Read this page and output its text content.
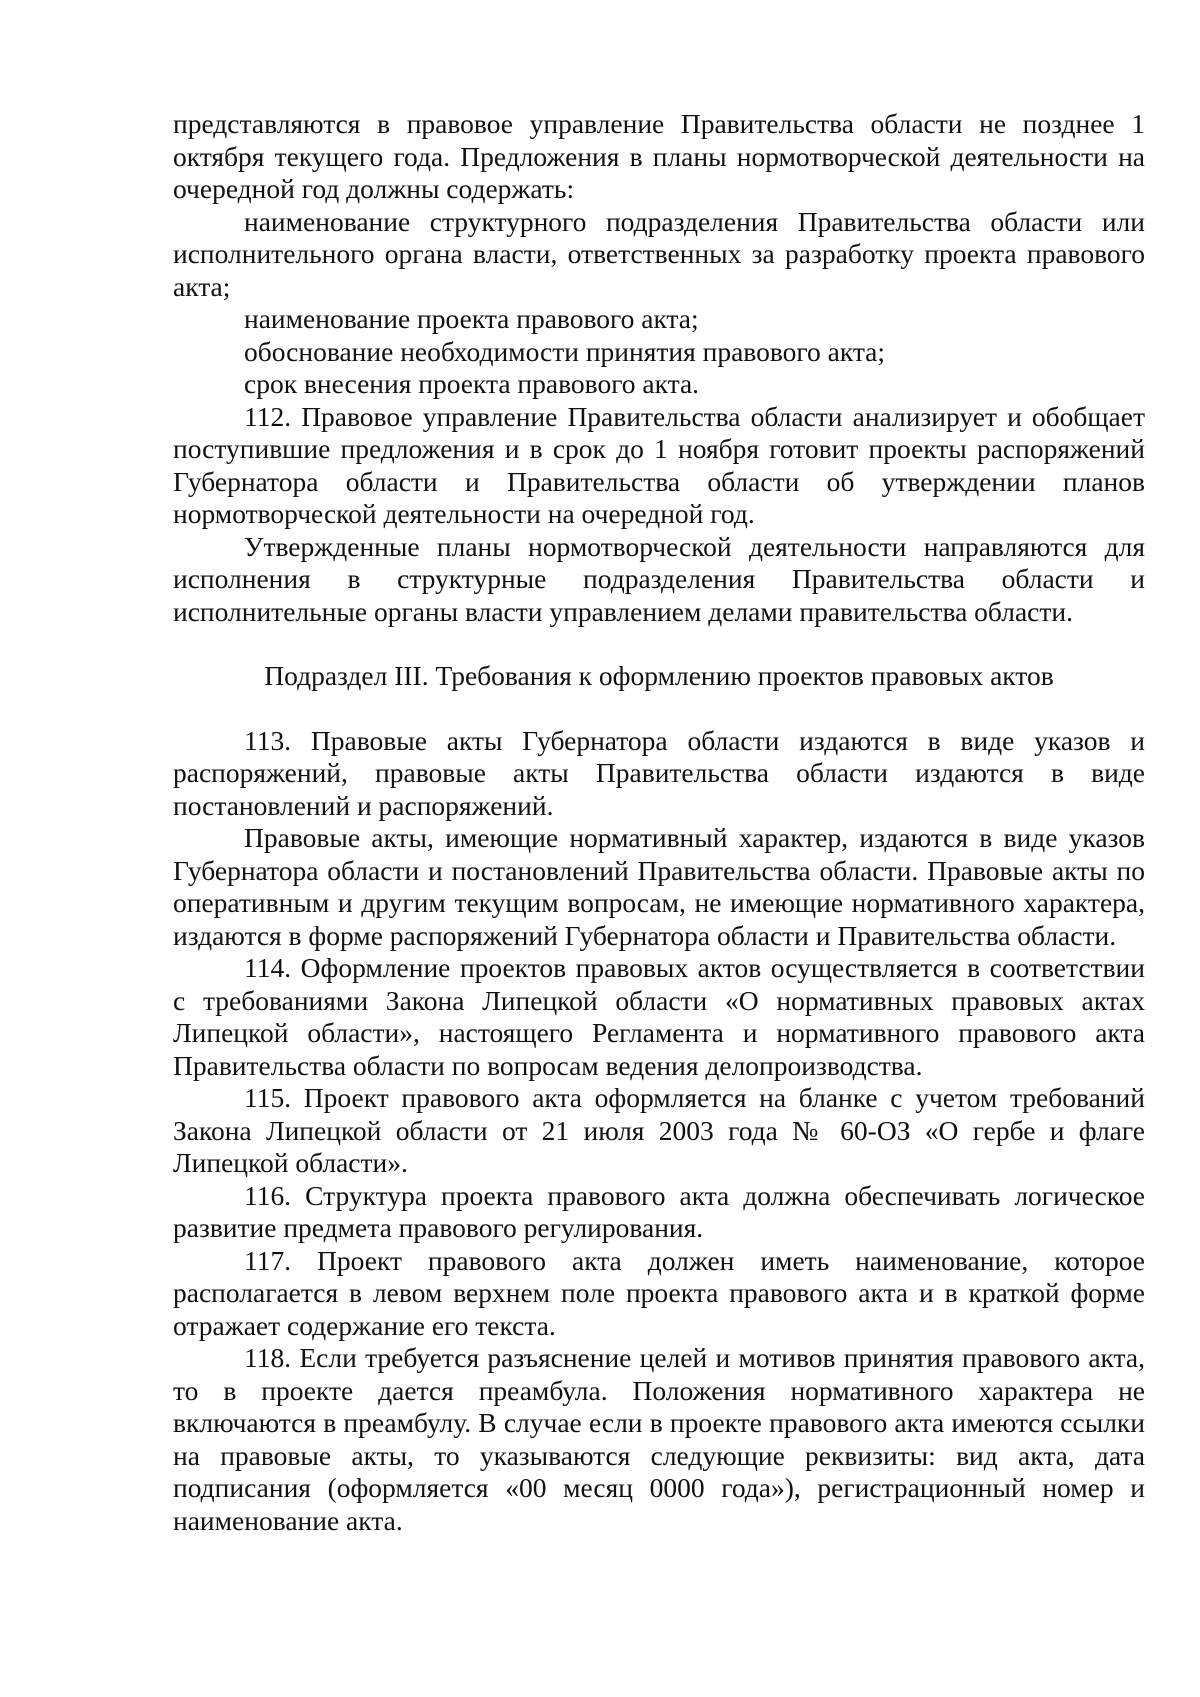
представляются в правовое управление Правительства области не позднее 1 октября текущего года. Предложения в планы нормотворческой деятельности на очередной год должны содержать:

наименование структурного подразделения Правительства области или исполнительного органа власти, ответственных за разработку проекта правового акта;

наименование проекта правового акта;

обоснование необходимости принятия правового акта;

срок внесения проекта правового акта.

112. Правовое управление Правительства области анализирует и обобщает поступившие предложения и в срок до 1 ноября готовит проекты распоряжений Губернатора области и Правительства области об утверждении планов нормотворческой деятельности на очередной год.

Утвержденные планы нормотворческой деятельности направляются для исполнения в структурные подразделения Правительства области и исполнительные органы власти управлением делами правительства области.

Подраздел III. Требования к оформлению проектов правовых актов

113. Правовые акты Губернатора области издаются в виде указов и распоряжений, правовые акты Правительства области издаются в виде постановлений и распоряжений.

Правовые акты, имеющие нормативный характер, издаются в виде указов Губернатора области и постановлений Правительства области. Правовые акты по оперативным и другим текущим вопросам, не имеющие нормативного характера, издаются в форме распоряжений Губернатора области и Правительства области.

114. Оформление проектов правовых актов осуществляется в соответствии с требованиями Закона Липецкой области «О нормативных правовых актах Липецкой области», настоящего Регламента и нормативного правового акта Правительства области по вопросам ведения делопроизводства.

115. Проект правового акта оформляется на бланке с учетом требований Закона Липецкой области от 21 июля 2003 года № 60-ОЗ «О гербе и флаге Липецкой области».

116. Структура проекта правового акта должна обеспечивать логическое развитие предмета правового регулирования.

117. Проект правового акта должен иметь наименование, которое располагается в левом верхнем поле проекта правового акта и в краткой форме отражает содержание его текста.

118. Если требуется разъяснение целей и мотивов принятия правового акта, то в проекте дается преамбула. Положения нормативного характера не включаются в преамбулу. В случае если в проекте правового акта имеются ссылки на правовые акты, то указываются следующие реквизиты: вид акта, дата подписания (оформляется «00 месяц 0000 года»), регистрационный номер и наименование акта.
